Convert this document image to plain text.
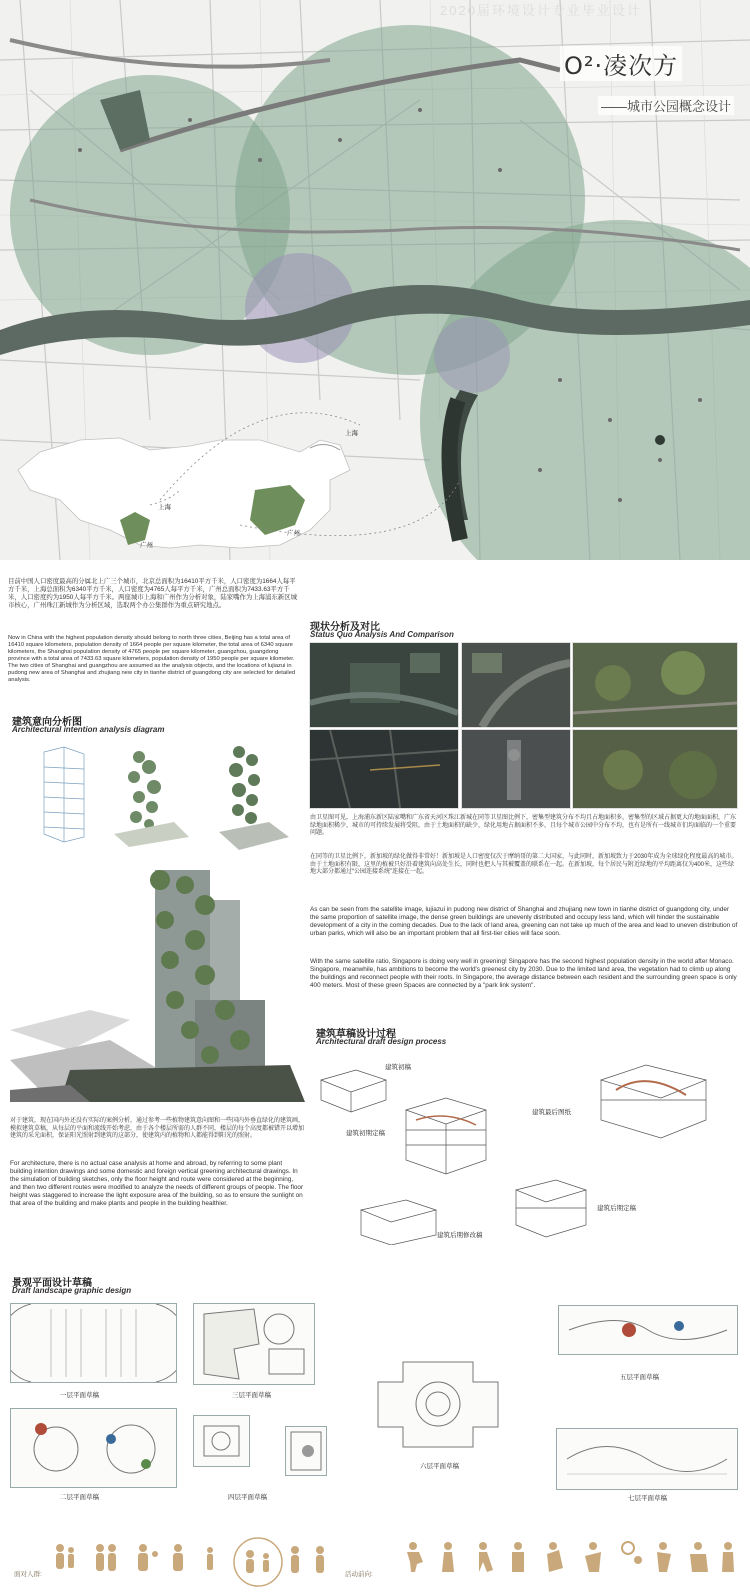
2020届环境设计专业毕业设计
O²·凌次方
——城市公园概念设计
上海
上海
广州
广州
目前中国人口密度最高的分属北上广三个城市，北京总面积为16410平方千米，人口密度为1664人每平方千米，上海总面积为6340平方千米，人口密度为4765人每平方千米，广州总面积为7433.63平方千米，人口密度约为1950人每平方千米。两座城市上海和广州作为分析对象，陆家嘴作为上海浦东新区城市核心，广州珠江新城作为分析区域，选取两个办公集群作为重点研究地点。
Now in China with the highest population density should belong to north three cities, Beijing has a total area of 16410 square kilometers, population density of 1664 people per square kilometer, the total area of 6340 square kilometers, the Shanghai population density of 4765 people per square kilometer, guangzhou, guangdong province with a total area of 7433.63 square kilometers, population density of 1950 people per square kilometer. The two cities of Shanghai and guangzhou are assumed as the analysis objects, and the locations of lujiazui in pudong new area of Shanghai and zhujiang new city in tianhe district of guangdong city are selected for detailed analysis.
现状分析及对比
Status Quo Analysis And Comparison
由卫星图可见，上海浦东新区陆家嘴和广东省天河区珠江新城在同等卫星图比例下，密集型建筑分布不均且占地面积多，密集型的区域占据更大的地面面积，广东绿地面积稀少，城市的可持续发展将受阻，由于土地面积的缺少，绿化用地占据面积不多，且每个城市公园中分布不均，也有是所有一线城市们均面临的一个重要问题。
在同等的卫星比例下，新加坡的绿化做得非常好！新加坡是人口密度仅次于摩纳哥的第二大国家，与此同时，新加坡致力于2030年成为全球绿化程度最高的城市。由于土地面积有限，这里的植被只好沿着建筑向高处生长，同时也把人与其被覆盖的联系在一起。在新加坡，每个居民与附近绿地的平均距离仅为400米，这些绿地大部分都通过“公园连接系统”连接在一起。
As can be seen from the satellite image, lujiazui in pudong new district of Shanghai and zhujiang new town in tianhe district of guangdong city, under the same proportion of satellite image, the dense green buildings are unevenly distributed and occupy less land, which will hinder the sustainable development of a city in the coming decades. Due to the lack of land area, greening can not take up much of the area and lead to uneven distribution of urban parks, which will also be an important problem that all first-tier cities will face soon.
With the same satellite ratio, Singapore is doing very well in greening! Singapore has the second highest population density in the world after Monaco. Singapore, meanwhile, has ambitions to become the world's greenest city by 2030. Due to the limited land area, the vegetation had to climb up along the buildings and reconnect people with their roots. In Singapore, the average distance between each resident and the surrounding green space is only 400 meters. Most of these green Spaces are connected by a "park link system".
建筑意向分析图
Architectural intention analysis diagram
对于建筑，现在国内外还没有实际的案例分析，通过参考一些植物建筑意向图和一些国内外垂直绿化的建筑画，模拟建筑草稿，从每层的平面和流线开始考虑，由于各个楼层所需的人群不同，楼层的每个高度都被错开以增加建筑的采光面积，保证阳光照射到建筑的这部分，使建筑内的植物和人都能得到阳光的照射。
For architecture, there is no actual case analysis at home and abroad, by referring to some plant building intention drawings and some domestic and foreign vertical greening architectural drawings. In the simulation of building sketches, only the floor height and route were considered at the beginning, and then two different routes were modified to analyze the needs of different groups of people. The floor height was staggered to increase the light exposure area of the building, so as to ensure the sunlight on that area of the building and make plants and people in the building healthier.
建筑草稿设计过程
Architectural draft design process
建筑初稿
建筑初期定稿
建筑最后图纸
建筑后期定稿
建筑后期修改稿
景观平面设计草稿
Draft landscape graphic design
一层平面草稿
二层平面草稿
三层平面草稿
四层平面草稿
五层平面草稿
六层平面草稿
七层平面草稿
面对人群:	活动前向:
